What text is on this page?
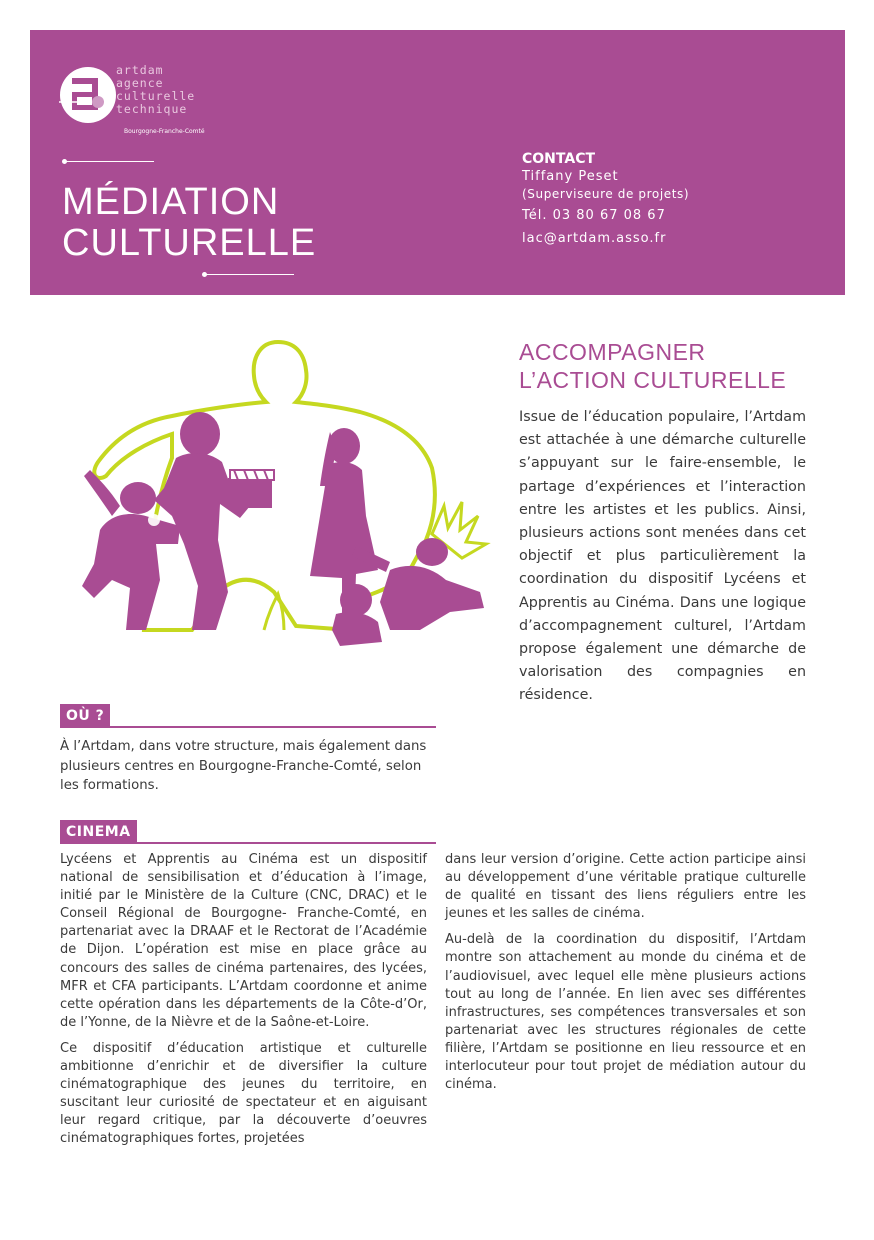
artdam
agence
culturelle
technique
Bourgogne-Franche-Comté
MÉDIATION
CULTURELLE
CONTACT
Tiffany Peset
(Superviseure de projets)
Tél. 03 80 67 08 67
lac@artdam.asso.fr
ACCOMPAGNER
L’ACTION CULTURELLE
Issue de l’éducation populaire, l’Artdam est attachée à une démarche culturelle s’appuyant sur le faire-ensemble, le partage d’expériences et l’interaction entre les artistes et les publics. Ainsi, plusieurs actions sont menées dans cet objectif et plus particulièrement la coordination du dispositif Lycéens et Apprentis au Cinéma. Dans une logique d’accompagnement culturel, l’Artdam propose également une démarche de valorisation des compagnies en résidence.
OÙ ?
À l’Artdam, dans votre structure, mais également dans plusieurs centres en Bourgogne-Franche-Comté, selon les formations.
CINEMA

Lycéens et Apprentis au Cinéma est un dispositif national de sensibilisation et d’éducation à l’image, initié par le Ministère de la Culture (CNC, DRAC) et le Conseil Régional de Bourgogne- Franche-Comté, en partenariat avec la DRAAF et le Rectorat de l’Académie de Dijon. L’opération est mise en place grâce au concours des salles de cinéma partenaires, des lycées, MFR et CFA participants. L’Artdam coordonne et anime cette opération dans les départements de la Côte-d’Or, de l’Yonne, de la Nièvre et de la Saône-et-Loire.

Ce dispositif d’éducation artistique et culturelle ambitionne d’enrichir et de diversifier la culture cinématographique des jeunes du territoire, en suscitant leur curiosité de spectateur et en aiguisant leur regard critique, par la découverte d’oeuvres cinématographiques fortes, projetées

dans leur version d’origine. Cette action participe ainsi au développement d’une véritable pratique culturelle de qualité en tissant des liens réguliers entre les jeunes et les salles de cinéma.

Au-delà de la coordination du dispositif, l’Artdam montre son attachement au monde du cinéma et de l’audiovisuel, avec lequel elle mène plusieurs actions tout au long de l’année. En lien avec ses différentes infrastructures, ses compétences transversales et son partenariat avec les structures régionales de cette filière, l’Artdam se positionne en lieu ressource et en interlocuteur pour tout projet de médiation autour du cinéma.
